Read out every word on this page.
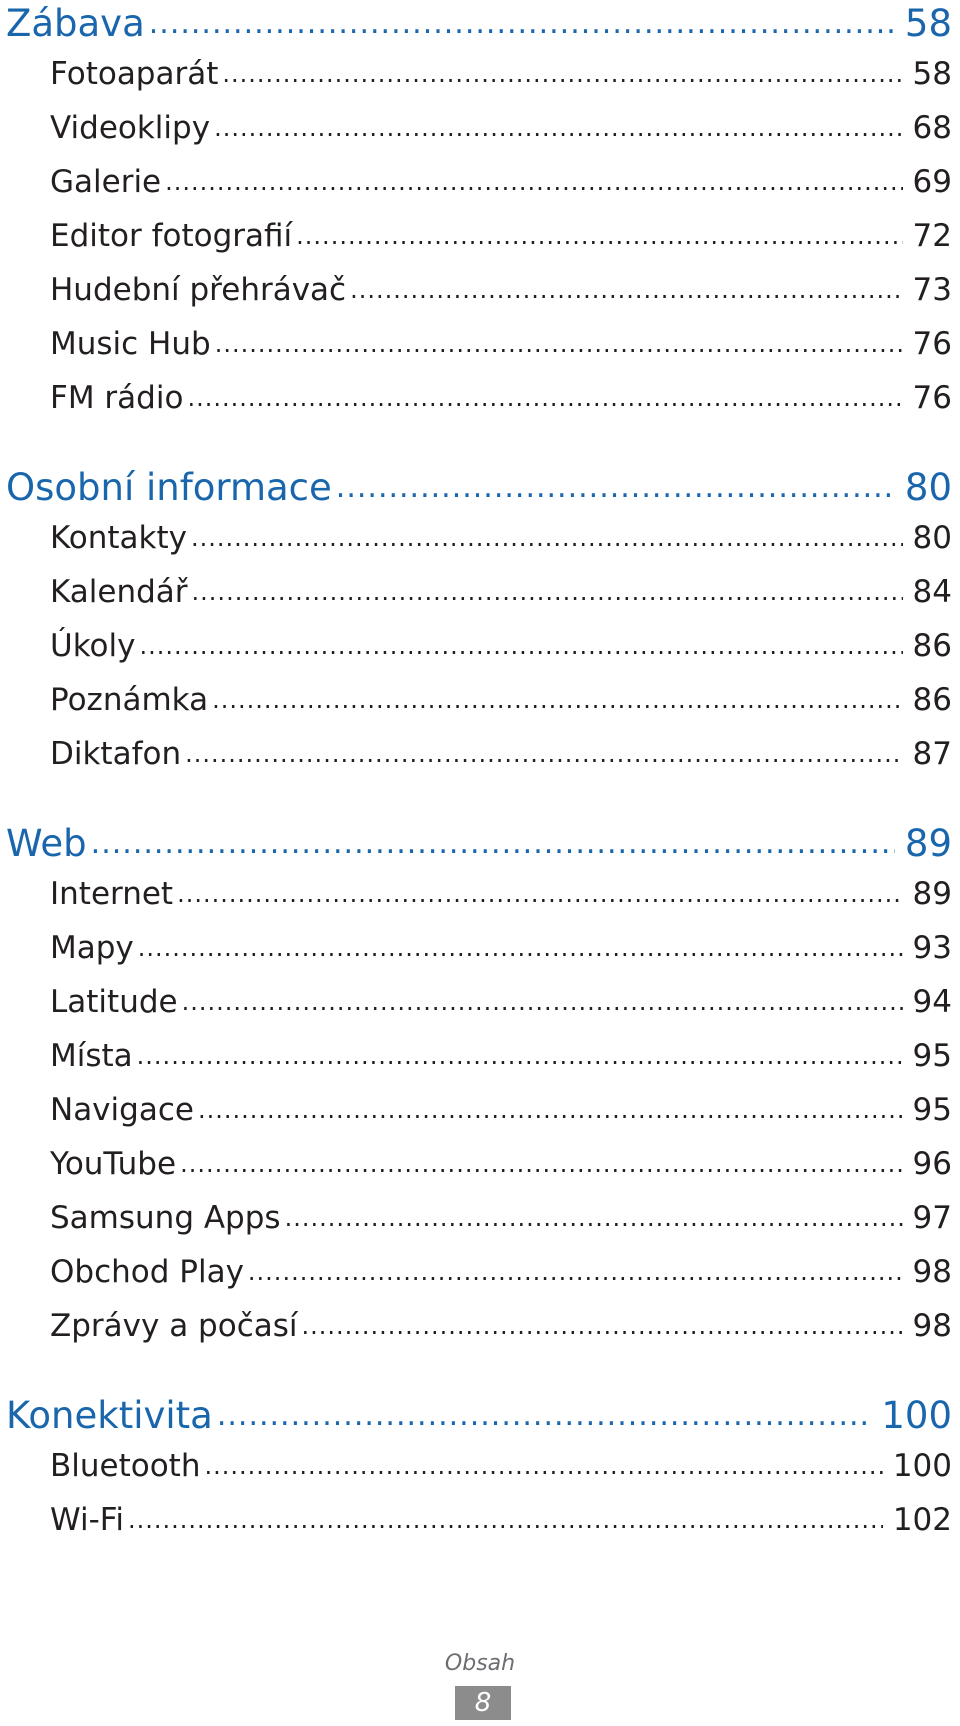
Zábava .....	58
Fotoaparát .....	58
Videoklipy .....	68
Galerie .....	69
Editor fotografií .....	72
Hudební přehrávač .....	73
Music Hub .....	76
FM rádio .....	76
Osobní informace .....	80
Kontakty .....	80
Kalendář .....	84
Úkoly .....	86
Poznámka .....	86
Diktafon .....	87
Web .....	89
Internet .....	89
Mapy .....	93
Latitude .....	94
Místa .....	95
Navigace .....	95
YouTube .....	96
Samsung Apps .....	97
Obchod Play .....	98
Zprávy a počasí .....	98
Konektivita .....	100
Bluetooth .....	100
Wi-Fi .....	102
Obsah
8
